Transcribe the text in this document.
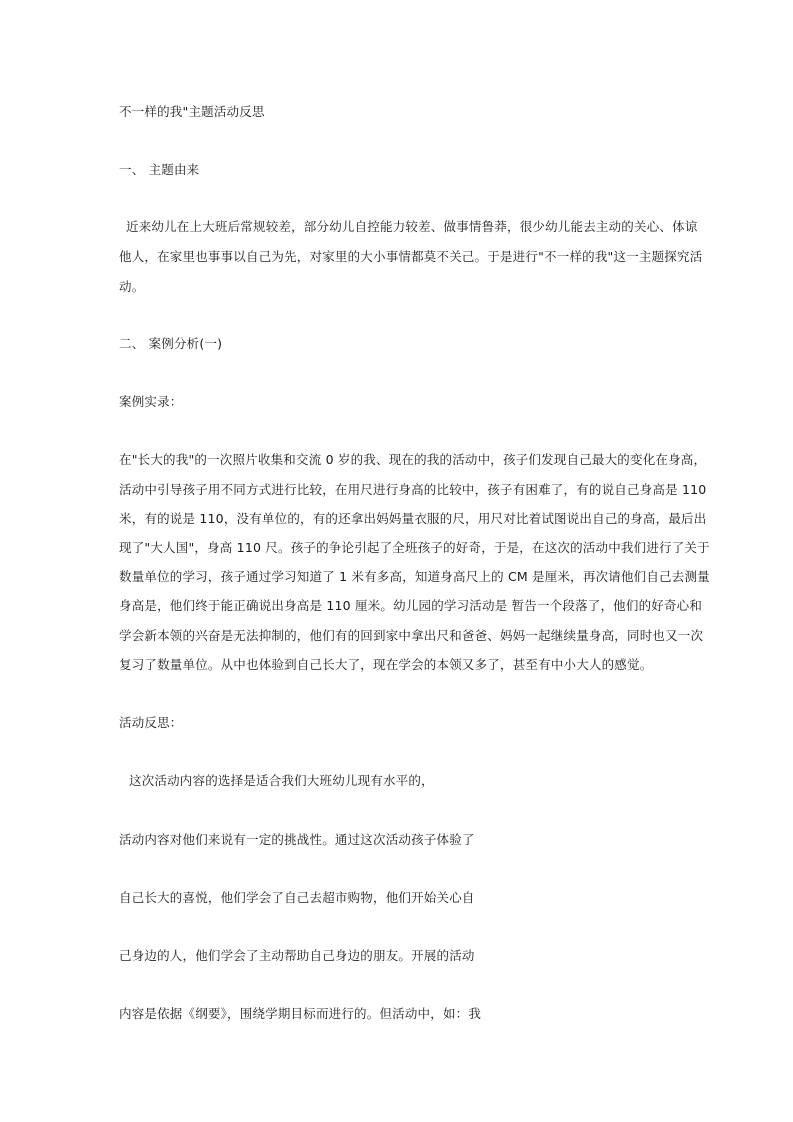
不一样的我"主题活动反思
一、 主题由来
近来幼儿在上大班后常规较差，部分幼儿自控能力较差、做事情鲁莽，很少幼儿能去主动的关心、体谅
他人，在家里也事事以自己为先，对家里的大小事情都莫不关己。于是进行"不一样的我"这一主题探究活
动。
二、 案例分析(一)
案例实录：
在"长大的我"的一次照片收集和交流 0 岁的我、现在的我的活动中，孩子们发现自己最大的变化在身高，
活动中引导孩子用不同方式进行比较，在用尺进行身高的比较中，孩子有困难了，有的说自己身高是 110
米，有的说是 110，没有单位的，有的还拿出妈妈量衣服的尺，用尺对比着试图说出自己的身高，最后出
现了"大人国"，身高 110 尺。孩子的争论引起了全班孩子的好奇，于是，在这次的活动中我们进行了关于
数量单位的学习，孩子通过学习知道了 1 米有多高，知道身高尺上的 CM 是厘米，再次请他们自己去测量
身高是，他们终于能正确说出身高是 110 厘米。幼儿园的学习活动是 暂告一个段落了，他们的好奇心和
学会新本领的兴奋是无法抑制的，他们有的回到家中拿出尺和爸爸、妈妈一起继续量身高，同时也又一次
复习了数量单位。从中也体验到自己长大了，现在学会的本领又多了，甚至有中小大人的感觉。
活动反思：
这次活动内容的选择是适合我们大班幼儿现有水平的，
活动内容对他们来说有一定的挑战性。通过这次活动孩子体验了
自己长大的喜悦，他们学会了自己去超市购物，他们开始关心自
己身边的人，他们学会了主动帮助自己身边的朋友。开展的活动
内容是依据《纲要》，围绕学期目标而进行的。但活动中，如：我
